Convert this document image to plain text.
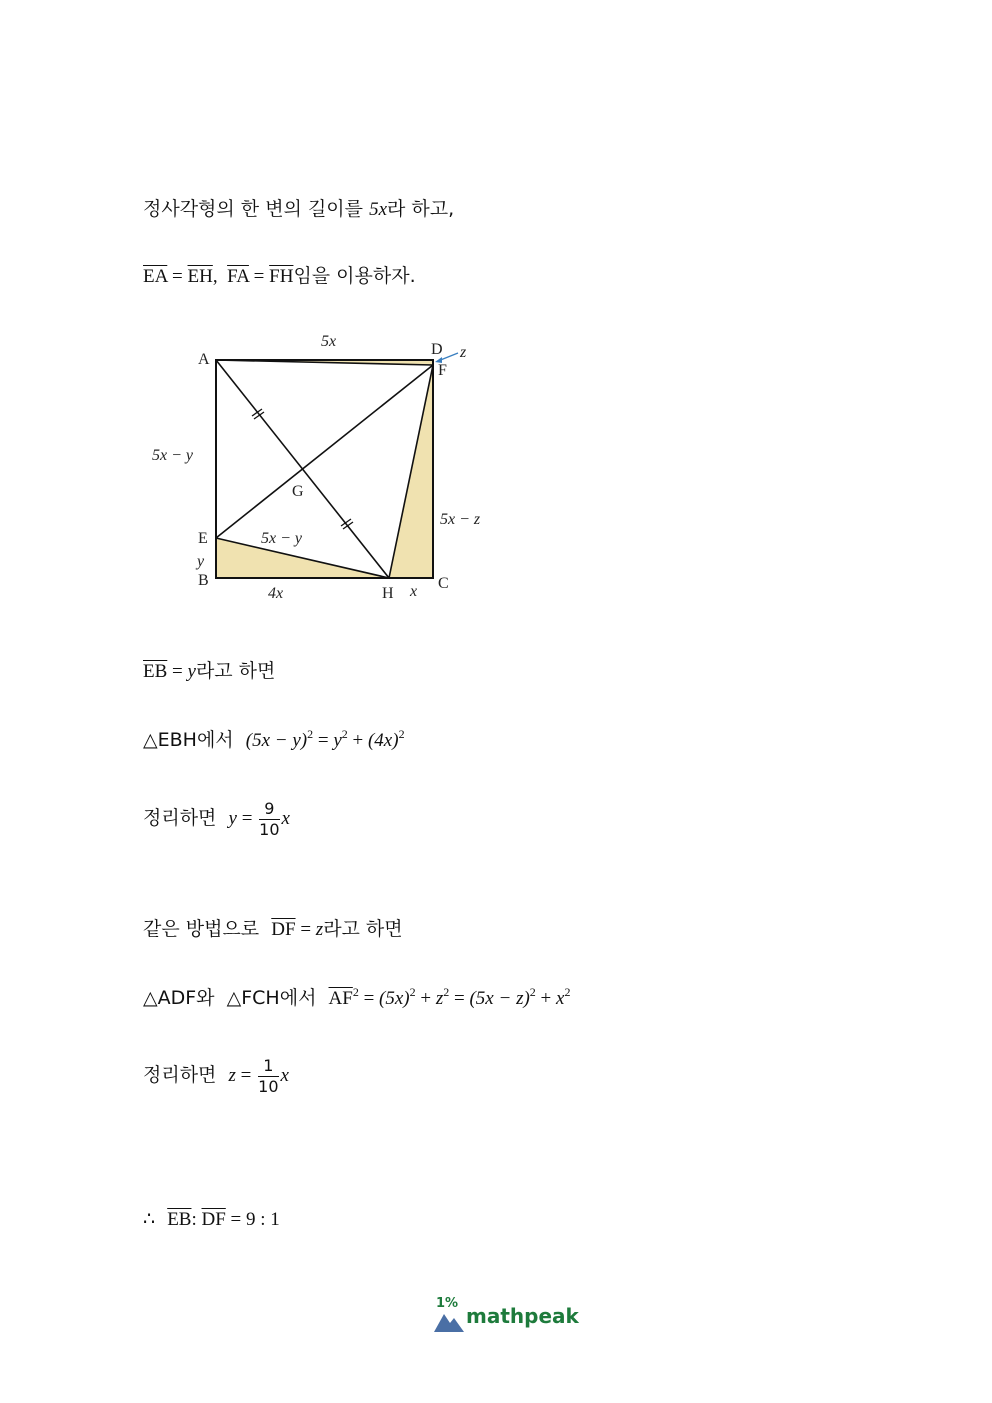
정사각형의 한 변의 길이를 5x라 하고,
$\overline{EA} = \overline{EH}$,  $\overline{FA} = \overline{FH}$임을 이용하자.
A
D
F
G
E
B
H
C
5x
5x − y
5x − z
5x − y
y
4x	x
z
$\overline{EB} = y$라고 하면
△EBH에서 $(5x - y)^2 = y^2 + (4x)^2$
정리하면 $y = \frac{9}{10}$ x
같은 방법으로 $\overline{DF} = z$라고 하면
△ADF와 △FCH에서 $\overline{AF}^2 = (5x)^2 + z^2 = (5x - z)^2 + x^2$
정리하면 $z = \frac{1}{10}$ x
∴ $\overline{EB}$: $\overline{DF} = 9$ : 1
1%
mathpeak
